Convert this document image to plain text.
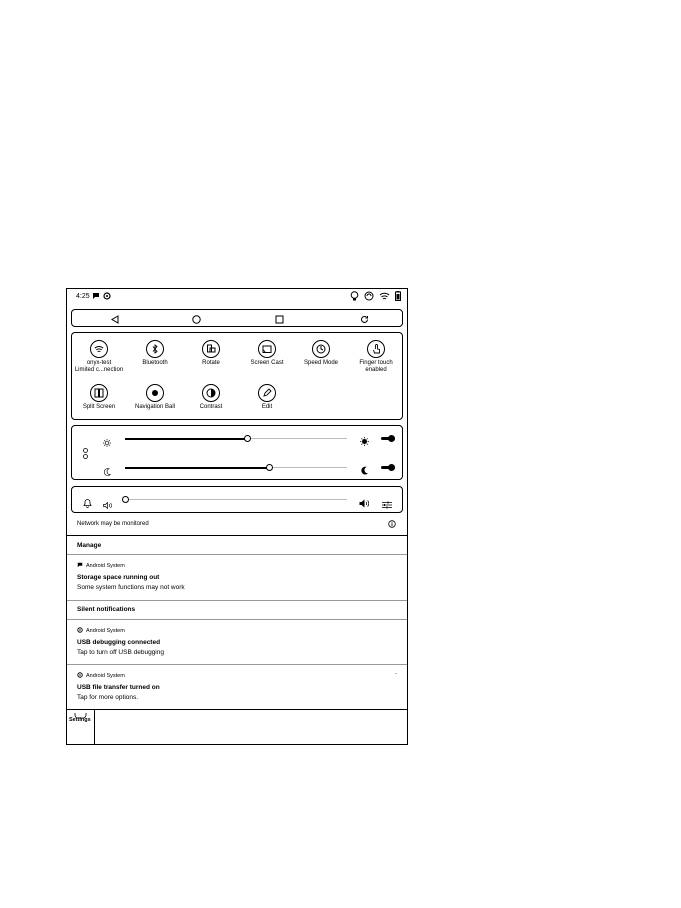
4:25
onyx-test
Limited c...nection
Bluetooth	Rotate	Screen Cast	Speed Mode	Finger touch
enabled
Split Screen	Navigation Ball	Contrast	Edit
Network may be monitored
Manage
Android System
Storage space running out
Some system functions may not work
Silent notifications
Android System
USB debugging connected
Tap to turn off USB debugging
Android System
USB file transfer turned on
Tap for more options.
-
Settings
